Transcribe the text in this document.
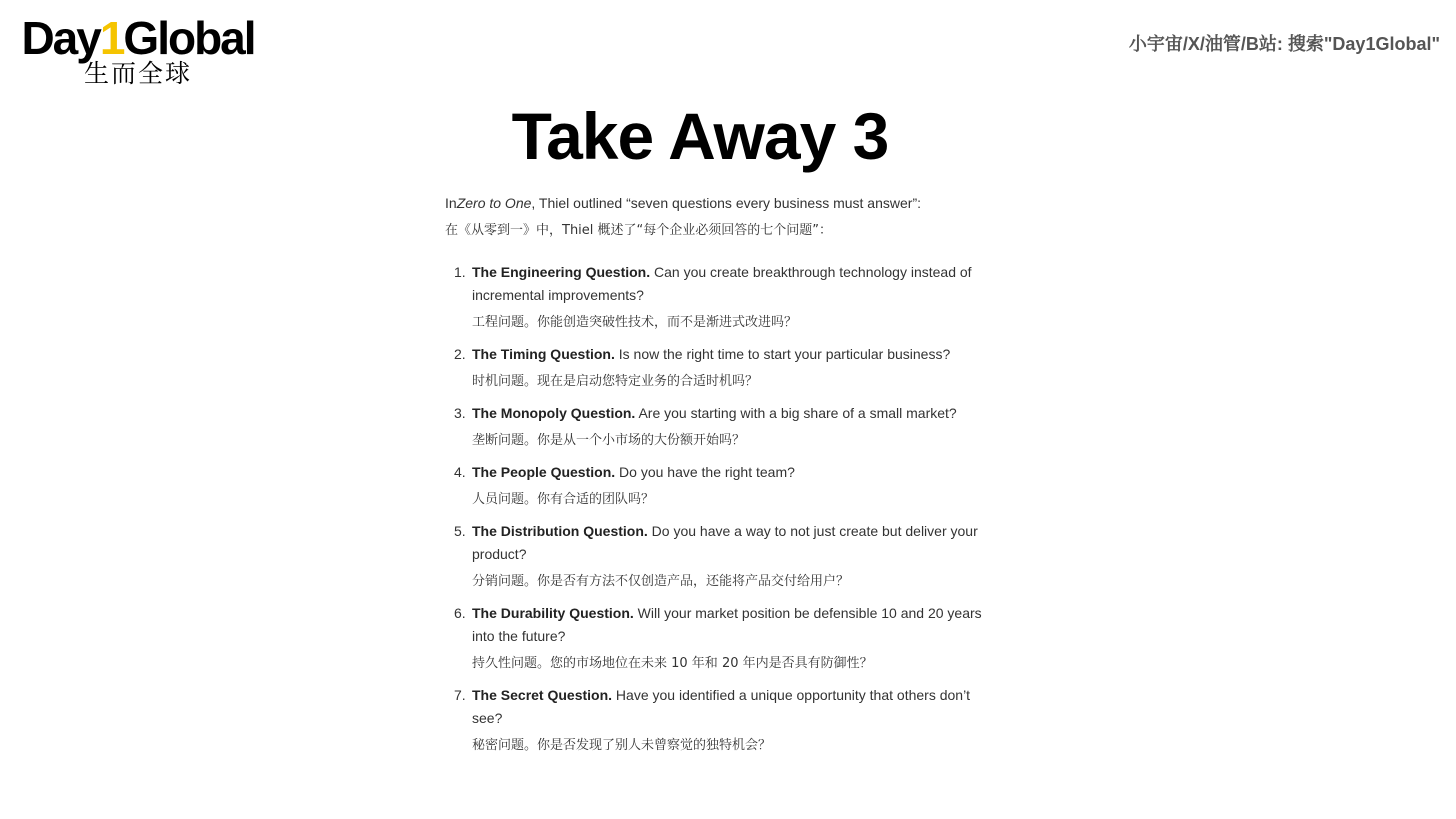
Day1Global
生而全球
小宇宙/X/油管/B站: 搜索"Day1Global"
Take Away 3

InZero to One, Thiel outlined “seven questions every business must answer”:

在《从零到一》中，Thiel 概述了“每个企业必须回答的七个问题”：

1. The Engineering Question. Can you create breakthrough technology instead of incremental improvements?

工程问题。你能创造突破性技术，而不是渐进式改进吗？

2. The Timing Question. Is now the right time to start your particular business?

时机问题。现在是启动您特定业务的合适时机吗？

3. The Monopoly Question. Are you starting with a big share of a small market?

垄断问题。你是从一个小市场的大份额开始吗？

4. The People Question. Do you have the right team?

人员问题。你有合适的团队吗？

5. The Distribution Question. Do you have a way to not just create but deliver your product?

分销问题。你是否有方法不仅创造产品，还能将产品交付给用户？

6. The Durability Question. Will your market position be defensible 10 and 20 years into the future?

持久性问题。您的市场地位在未来 10 年和 20 年内是否具有防御性？

7. The Secret Question. Have you identified a unique opportunity that others don’t see?

秘密问题。你是否发现了别人未曾察觉的独特机会？
